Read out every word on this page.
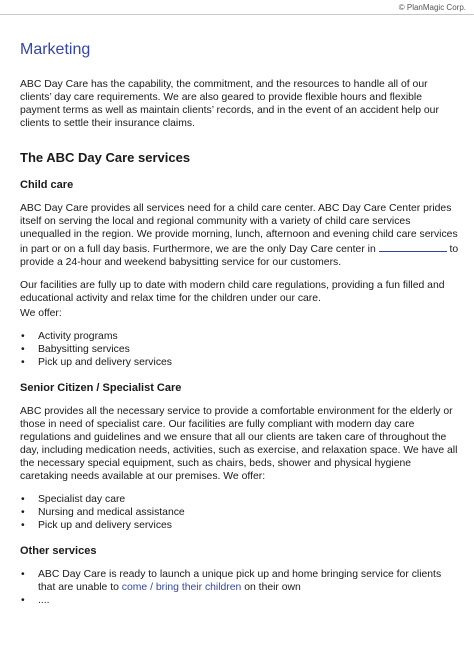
© PlanMagic Corp.
Marketing

ABC Day Care has the capability, the commitment, and the resources to handle all of our clients’ day care requirements. We are also geared to provide flexible hours and flexible payment terms as well as maintain clients’ records, and in the event of an accident help our clients to settle their insurance claims.

The ABC Day Care services
Child care

ABC Day Care provides all services need for a child care center. ABC Day Care Center prides itself on serving the local and regional community with a variety of child care services unequalled in the region. We provide morning, lunch, afternoon and evening child care services in part or on a full day basis. Furthermore, we are the only Day Care center in	to provide a 24-hour and weekend babysitting service for our customers.

Our facilities are fully up to date with modern child care regulations, providing a fun filled and educational activity and relax time for the children under our care.

We offer:

• Activity programs
• Babysitting services
• Pick up and delivery services
Senior Citizen / Specialist Care

ABC provides all the necessary service to provide a comfortable environment for the elderly or those in need of specialist care. Our facilities are fully compliant with modern day care regulations and guidelines and we ensure that all our clients are taken care of throughout the day, including medication needs, activities, such as exercise, and relaxation space. We have all the necessary special equipment, such as chairs, beds, shower and physical hygiene caretaking needs available at our premises. We offer:

• Specialist day care
• Nursing and medical assistance
• Pick up and delivery services
Other services
• ABC Day Care is ready to launch a unique pick up and home bringing service for clients that are unable to come / bring their children on their own
• ....
